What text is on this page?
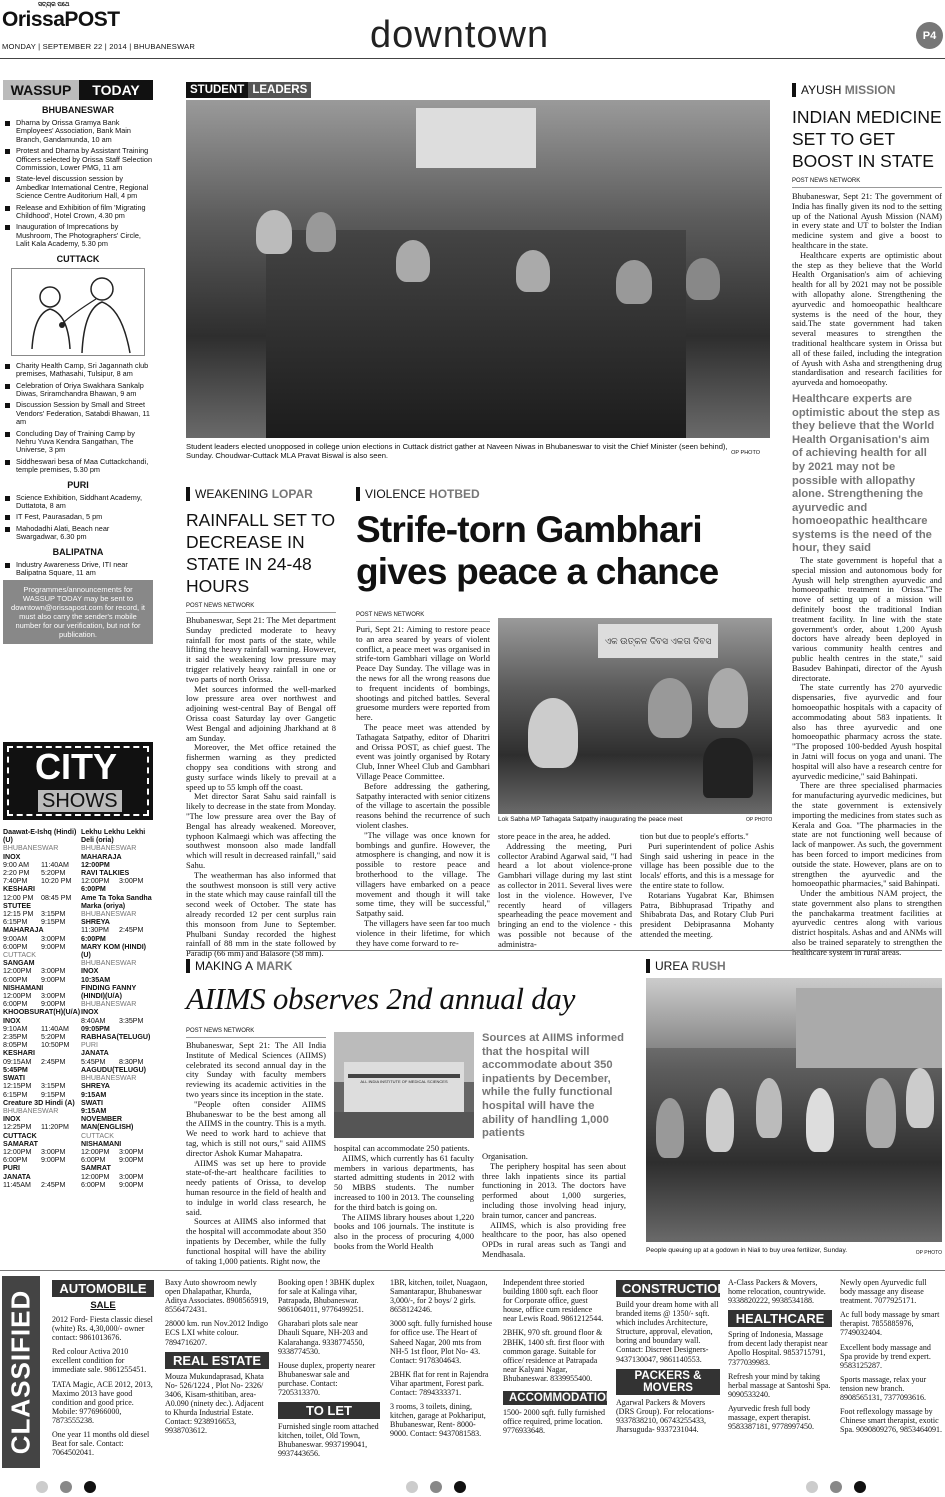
ସତ୍ୟର ପଥେ
OrissaPOST
MONDAY | SEPTEMBER 22 | 2014 | BHUBANESWAR	downtown	P4
WASSUP	TODAY
BHUBANESWAR
Dharna by Orissa Gramya Bank Employees' Association, Bank Main Branch, Gandamunda, 10 am
Protest and Dharna by Assistant Training Officers selected by Orissa Staff Selection Commission, Lower PMG, 11 am
State-level discussion session by Ambedkar International Centre, Regional Science Centre Auditorium Hall, 4 pm
Release and Exhibition of film 'Migrating Childhood', Hotel Crown, 4.30 pm
Inauguration of Imprecations by Mushroom, The Photographers' Circle, Lalit Kala Academy, 5.30 pm
CUTTACK
Charity Health Camp, Sri Jagannath club premises, Mathasahi, Tulsipur, 8 am
Celebration of Oriya Swakhara Sankalp Diwas, Sriramchandra Bhawan, 9 am
Discussion Session by Small and Street Vendors' Federation, Satabdi Bhawan, 11 am
Concluding Day of Training Camp by Nehru Yuva Kendra Sangathan, The Universe, 3 pm
Siddheswari besa of Maa Cuttackchandi, temple premises, 5.30 pm
PURI
Science Exhibition, Siddhant Academy, Duttatota, 8 am
IT Fest, Paurasadan, 5 pm
Mahodadhi Alati, Beach near Swargadwar, 6.30 pm
BALIPATNA
Industry Awareness Drive, ITI near Balipatna Square, 11 am
Programmes/announcements for WASSUP TODAY may be sent to downtown@orissapost.com for record, it must also carry the sender's mobile number for our verification, but not for publication.
CITY
SHOWS
Daawat-E-Ishq (Hindi) (U)
BHUBANESWAR
INOX
9:00 AM	11:40AM
2:20 PM	5:20PM
7:40PM	10:20 PM
KESHARI
12:00 PM	08:45 PM
STUTEE
12:15 PM	3:15PM
6:15PM	9:15PM
MAHARAJA
9:00AM	3:00PM
6:00PM	9:00PM
CUTTACK
SANGAM
12:00PM	3:00PM
6:00PM	9:00PM
NISHAMANI
12:00PM	3:00PM
6:00PM	9:00PM
KHOOBSURAT(H)(U/A)
INOX
9:10AM	11:40AM
2:35PM	5:20PM
8:05PM	10:50PM
KESHARI
09:15AM	2:45PM
5:45PM
SWATI
12:15PM	3:15PM
6:15PM	9:15PM
Creature 3D Hindi (A)
BHUBANESWAR
INOX
12:25PM	11:20PM
CUTTACK
SAMARAT
12:00PM	3:00PM
6:00PM	9:00PM
PURI
JANATA
11:45AM	2:45PM
Lekhu Lekhu Lekhi Deli (oria)
BHUBANESWAR
MAHARAJA
12:00PM
RAVI TALKIES
12:00PM	3:00PM
6:00PM
Ame Ta Toka Sandha Marka (oriya)
BHUBANESWAR
SHREYA
11:30PM	2:45PM
6:00PM
MARY KOM (HINDI) (U)
BHUBANESWAR
INOX
10:35AM
FINDING FANNY (HINDI)(U/A)
BHUBANESWAR
INOX
8:40AM	3:35PM
09:05PM
RABHASA(TELUGU)
PURI
JANATA
5:45PM	8:30PM
AAGUDU(TELUGU)
BHUBANESWAR
SHREYA
9:15AM
SWATI
9:15AM
NOVEMBER MAN(ENGLISH)
CUTTACK
NISHAMANI
12:00PM	3:00PM
6:00PM	9:00PM
SAMRAT
12:00PM	3:00PM
6:00PM	9:00PM
STUDENT LEADERS
Student leaders elected unopposed in college union elections in Cuttack district gather at Naveen Niwas in Bhubaneswar to visit the Chief Minister (seen behind), Sunday. Choudwar-Cuttack MLA Pravat Biswal is also seen.	OP PHOTO
AYUSH
MISSION
INDIAN MEDICINE SET TO GET BOOST IN STATE
POST NEWS NETWORK

Bhubaneswar, Sept 21: The government of India has finally given its nod to the setting up of the National Ayush Mission (NAM) in every state and UT to bolster the Indian medicine system and give a boost to healthcare in the state.

Healthcare experts are optimistic about the step as they believe that the World Health Organisation's aim of achieving health for all by 2021 may not be possible with allopathy alone. Strengthening the ayurvedic and homoeopathic healthcare systems is the need of the hour, they said.The state government had taken several measures to strengthen the traditional healthcare system in Orissa but all of these failed, including the integration of Ayush with Asha and strengthening drug standardisation and research facilities for ayurveda and homoeopathy.

Healthcare experts are optimistic about the step as they believe that the World Health Organisation's aim of achieving health for all by 2021 may not be possible with allopathy alone. Strengthening the ayurvedic and homoeopathic healthcare systems is the need of the hour, they said

The state government is hopeful that a special mission and autonomous body for Ayush will help strengthen ayurvedic and homoeopathic treatment in Orissa."The move of setting up of a mission will definitely boost the traditional Indian treatment facility. In line with the state government's order, about 1,200 Ayush doctors have already been deployed in various community health centres and public health centres in the state," said Basudev Bahinpati, director of the Ayush directorate.

The state currently has 270 ayurvedic dispensaries, five ayurvedic and four homoeopathic hospitals with a capacity of accommodating about 583 inpatients. It also has three ayurvedic and one homoeopathic pharmacy across the state. "The proposed 100-bedded Ayush hospital in Jatni will focus on yoga and unani. The hospital will also have a research centre for ayurvedic medicine," said Bahinpati.

There are three specialised pharmacies for manufacturing ayurvedic medicines, but the state government is extensively importing the medicines from states such as Kerala and Goa. "The pharmacies in the state are not functioning well because of lack of manpower. As such, the government has been forced to import medicines from outside the state. However, plans are on to strengthen the ayurvedic and the homoeopathic pharmacies," said Bahinpati.

Under the ambitious NAM project, the state government also plans to strengthen the panchakarma treatment facilities at ayurvedic centres along with various district hospitals. Ashas and and ANMs will also be trained separately to strengthen the healthcare system in rural areas.

WEAKENING
LOPAR
RAINFALL SET TO DECREASE IN STATE IN 24-48 HOURS
POST NEWS NETWORK

Bhubaneswar, Sept 21: The Met department Sunday predicted moderate to heavy rainfall for most parts of the state, while lifting the heavy rainfall warning. However, it said the weakening low pressure may trigger relatively heavy rainfall in one or two parts of north Orissa.

Met sources informed the well-marked low pressure area over northwest and adjoining west-central Bay of Bengal off Orissa coast Saturday lay over Gangetic West Bengal and adjoining Jharkhand at 8 am Sunday.

Moreover, the Met office retained the fishermen warning as they predicted choppy sea conditions with strong and gusty surface winds likely to prevail at a speed up to 55 kmph off the coast.

Met director Sarat Sahu said rainfall is likely to decrease in the state from Monday. "The low pressure area over the Bay of Bengal has already weakened. Moreover, typhoon Kalmaegi which was affecting the southwest monsoon also made landfall which will result in decreased rainfall," said Sahu.

The weatherman has also informed that the southwest monsoon is still very active in the state which may cause rainfall till the second week of October. The state has already recorded 12 per cent surplus rain this monsoon from June to September. Phulbani Sunday recorded the highest rainfall of 88 mm in the state followed by Paradip (66 mm) and Balasore (58 mm).

VIOLENCE
HOTBED
Strife-torn Gambhari gives peace a chance
POST NEWS NETWORK

Puri, Sept 21: Aiming to restore peace to an area seared by years of violent conflict, a peace meet was organised in strife-torn Gambhari village on World Peace Day Sunday. The village was in the news for all the wrong reasons due to frequent incidents of bombings, shootings and pitched battles. Several gruesome murders were reported from here.

The peace meet was attended by Tathagata Satpathy, editor of Dharitri and Orissa POST, as chief guest. The event was jointly organised by Rotary Club, Inner Wheel Club and Gambhari Village Peace Committee.

Before addressing the gathering, Satpathy interacted with senior citizens of the village to ascertain the possible reasons behind the recurrence of such violent clashes.

"The village was once known for bombings and gunfire. However, the atmosphere is changing, and now it is possible to restore peace and brotherhood to the village. The villagers have embarked on a peace movement and though it will take some time, they will be successful," Satpathy said.

The villagers have seen far too much violence in their lifetime, for which they have come forward to re-

ଏକ ଉତ୍କଳ ଦିବସ ଏକତା ଦିବସ
Lok Sabha MP Tathagata Satpathy inaugurating the peace meet	OP PHOTO

store peace in the area, he added.

Addressing the meeting, Puri collector Arabind Agarwal said, "I had heard a lot about violence-prone Gambhari village during my last stint as collector in 2011. Several lives were lost in the violence. However, I've recently heard of villagers spearheading the peace movement and bringing an end to the violence - this was possible not because of the administra-

tion but due to people's efforts."

Puri superintendent of police Ashis Singh said ushering in peace in the village has been possible due to the locals' efforts, and this is a message for the entire state to follow.

Rotarians Yugabrat Kar, Bhimsen Patra, Bibhuprasad Tripathy and Shibabrata Das, and Rotary Club Puri president Debiprasanna Mohanty attended the meeting.

MAKING A
MARK
AIIMS observes 2nd annual day
POST NEWS NETWORK

Bhubaneswar, Sept 21: The All India Institute of Medical Sciences (AIIMS) celebrated its second annual day in the city Sunday with faculty members reviewing its academic activities in the two years since its inception in the state.

"People often consider AIIMS Bhubaneswar to be the best among all the AIIMS in the country. This is a myth. We need to work hard to achieve that tag, which is still not ours," said AIIMS director Ashok Kumar Mahapatra.

AIIMS was set up here to provide state-of-the-art healthcare facilities to needy patients of Orissa, to develop human resource in the field of health and to indulge in world class research, he said.

Sources at AIIMS also informed that the hospital will accommodate about 350 inpatients by December, while the fully functional hospital will have the ability of taking 1,000 patients. Right now, the

ALL INDIA INSTITUTE OF MEDICAL SCIENCES

hospital can accommodate 250 patients.

AIIMS, which currently has 61 faculty members in various departments, has started admitting students in 2012 with 50 MBBS students. The number increased to 100 in 2013. The counseling for the third batch is going on.

The AIIMS library houses about 1,220 books and 106 journals. The institute is also in the process of procuring 4,000 books from the World Health

Sources at AIIMS informed that the hospital will accommodate about 350 inpatients by December, while the fully functional hospital will have the ability of handling 1,000 patients

Organisation.

The periphery hospital has seen about three lakh inpatients since its partial functioning in 2013. The doctors have performed about 1,000 surgeries, including those involving head injury, brain tumor, cancer and pancreas.

AIIMS, which is also providing free healthcare to the poor, has also opened OPDs in rural areas such as Tangi and Mendhasala.

UREA
RUSH
People queuing up at a godown in Niali to buy urea fertilizer, Sunday.	OP PHOTO
CLASSIFIED
AUTOMOBILE
SALE
2012 Ford- Fiesta classic diesel (white) Rs. 4,30,000/- owner contact: 9861013676.
Red colour Activa 2010 excellent condition for immediate sale. 9861255451.
TATA Magic, ACE 2012, 2013, Maximo 2013 have good condition and good price. Mobile: 9776966000, 7873555238.
One year 11 months old diesel Beat for sale. Contact: 7064502041.
Baxy Auto showroom newly open Dhalapathar, Khurda, Aditya Associates. 8908565919, 8556472431.
28000 km. run Nov.2012 Indigo ECS LXI white colour. 7894716207.
REAL ESTATE
Mouza Mukundaprasad, Khata No- 526/1224 , Plot No- 2326/ 3406, Kisam-sthitiban, area- A0.090 (ninety dec.). Adjacent to Khurda Industrial Estate. Contact: 9238916653, 9938703612.
Booking open ! 3BHK duplex for sale at Kalinga vihar, Patrapada, Bhubaneswar. 9861064011, 9776499251.
Gharabari plots sale near Dhauli Square, NH-203 and Kalarahanga. 9338774550, 9338774530.
House duplex, property nearer Bhubaneswar sale and purchase. Contact: 7205313370.
TO LET
Furnished single room attached kitchen, toilet, Old Town, Bhubaneswar. 9937199041, 9937443656.
1BR, kitchen, toilet, Nuagaon, Samantarapur, Bhubaneswar 3,000/-, for 2 boys/ 2 girls. 8658124246.
3000 sqft. fully furnished house for office use. The Heart of Saheed Nagar, 200 mts from NH-5 1st floor, Plot No- 43. Contact: 9178304643.
2BHK flat for rent in Rajendra Vihar apartment, Forest park. Contact: 7894333371.
3 rooms, 3 toilets, dining, kitchen, garage at Pokhariput, Bhubaneswar, Rent- 8000- 9000. Contact: 9437081583.
Independent three storied building 1800 sqft. each floor for Corporate office, guest house, office cum residence near Lewis Road. 9861212544.
2BHK, 970 sft. ground floor & 2BHK, 1400 sft. first floor with common garage. Suitable for office/ residence at Patrapada near Kalyani Nagar, Bhubaneswar. 8339955400.
ACCOMMODATION
1500- 2000 sqft. fully furnished office required, prime location. 9776933648.
CONSTRUCTION
Build your dream home with all branded items @ 1350/- sqft. which includes Architecture, Structure, approval, elevation, boring and boundary wall. Contact: Discreet Designers- 9437130047, 9861140553.
PACKERS & MOVERS
Agarwal Packers & Movers (DRS Group). For relocations- 9337838210, 06743255433, Jharsuguda- 9337231044.
A-Class Packers & Movers, home relocation, countrywide. 9338820222, 9938534188.
HEALTHCARE
Spring of Indonesia, Massage from decent lady therapist near Apollo Hospital. 9853715791, 7377039983.
Refresh your mind by taking herbal massage at Santoshi Spa. 9090533240.
Ayurvedic fresh full body massage, expert therapist. 9583387181, 9778997450.
Newly open Ayurvedic full body massage any disease treatment. 7077925171.
Ac full body massage by smart therapist. 7855885976, 7749032404.
Excellent body massage and Spa provide by trend expert. 9583125287.
Sports massage, relax your tension new branch. 8908565131, 7377093616.
Foot reflexology massage by Chinese smart therapist, exotic Spa. 9090809276, 9853464091.
